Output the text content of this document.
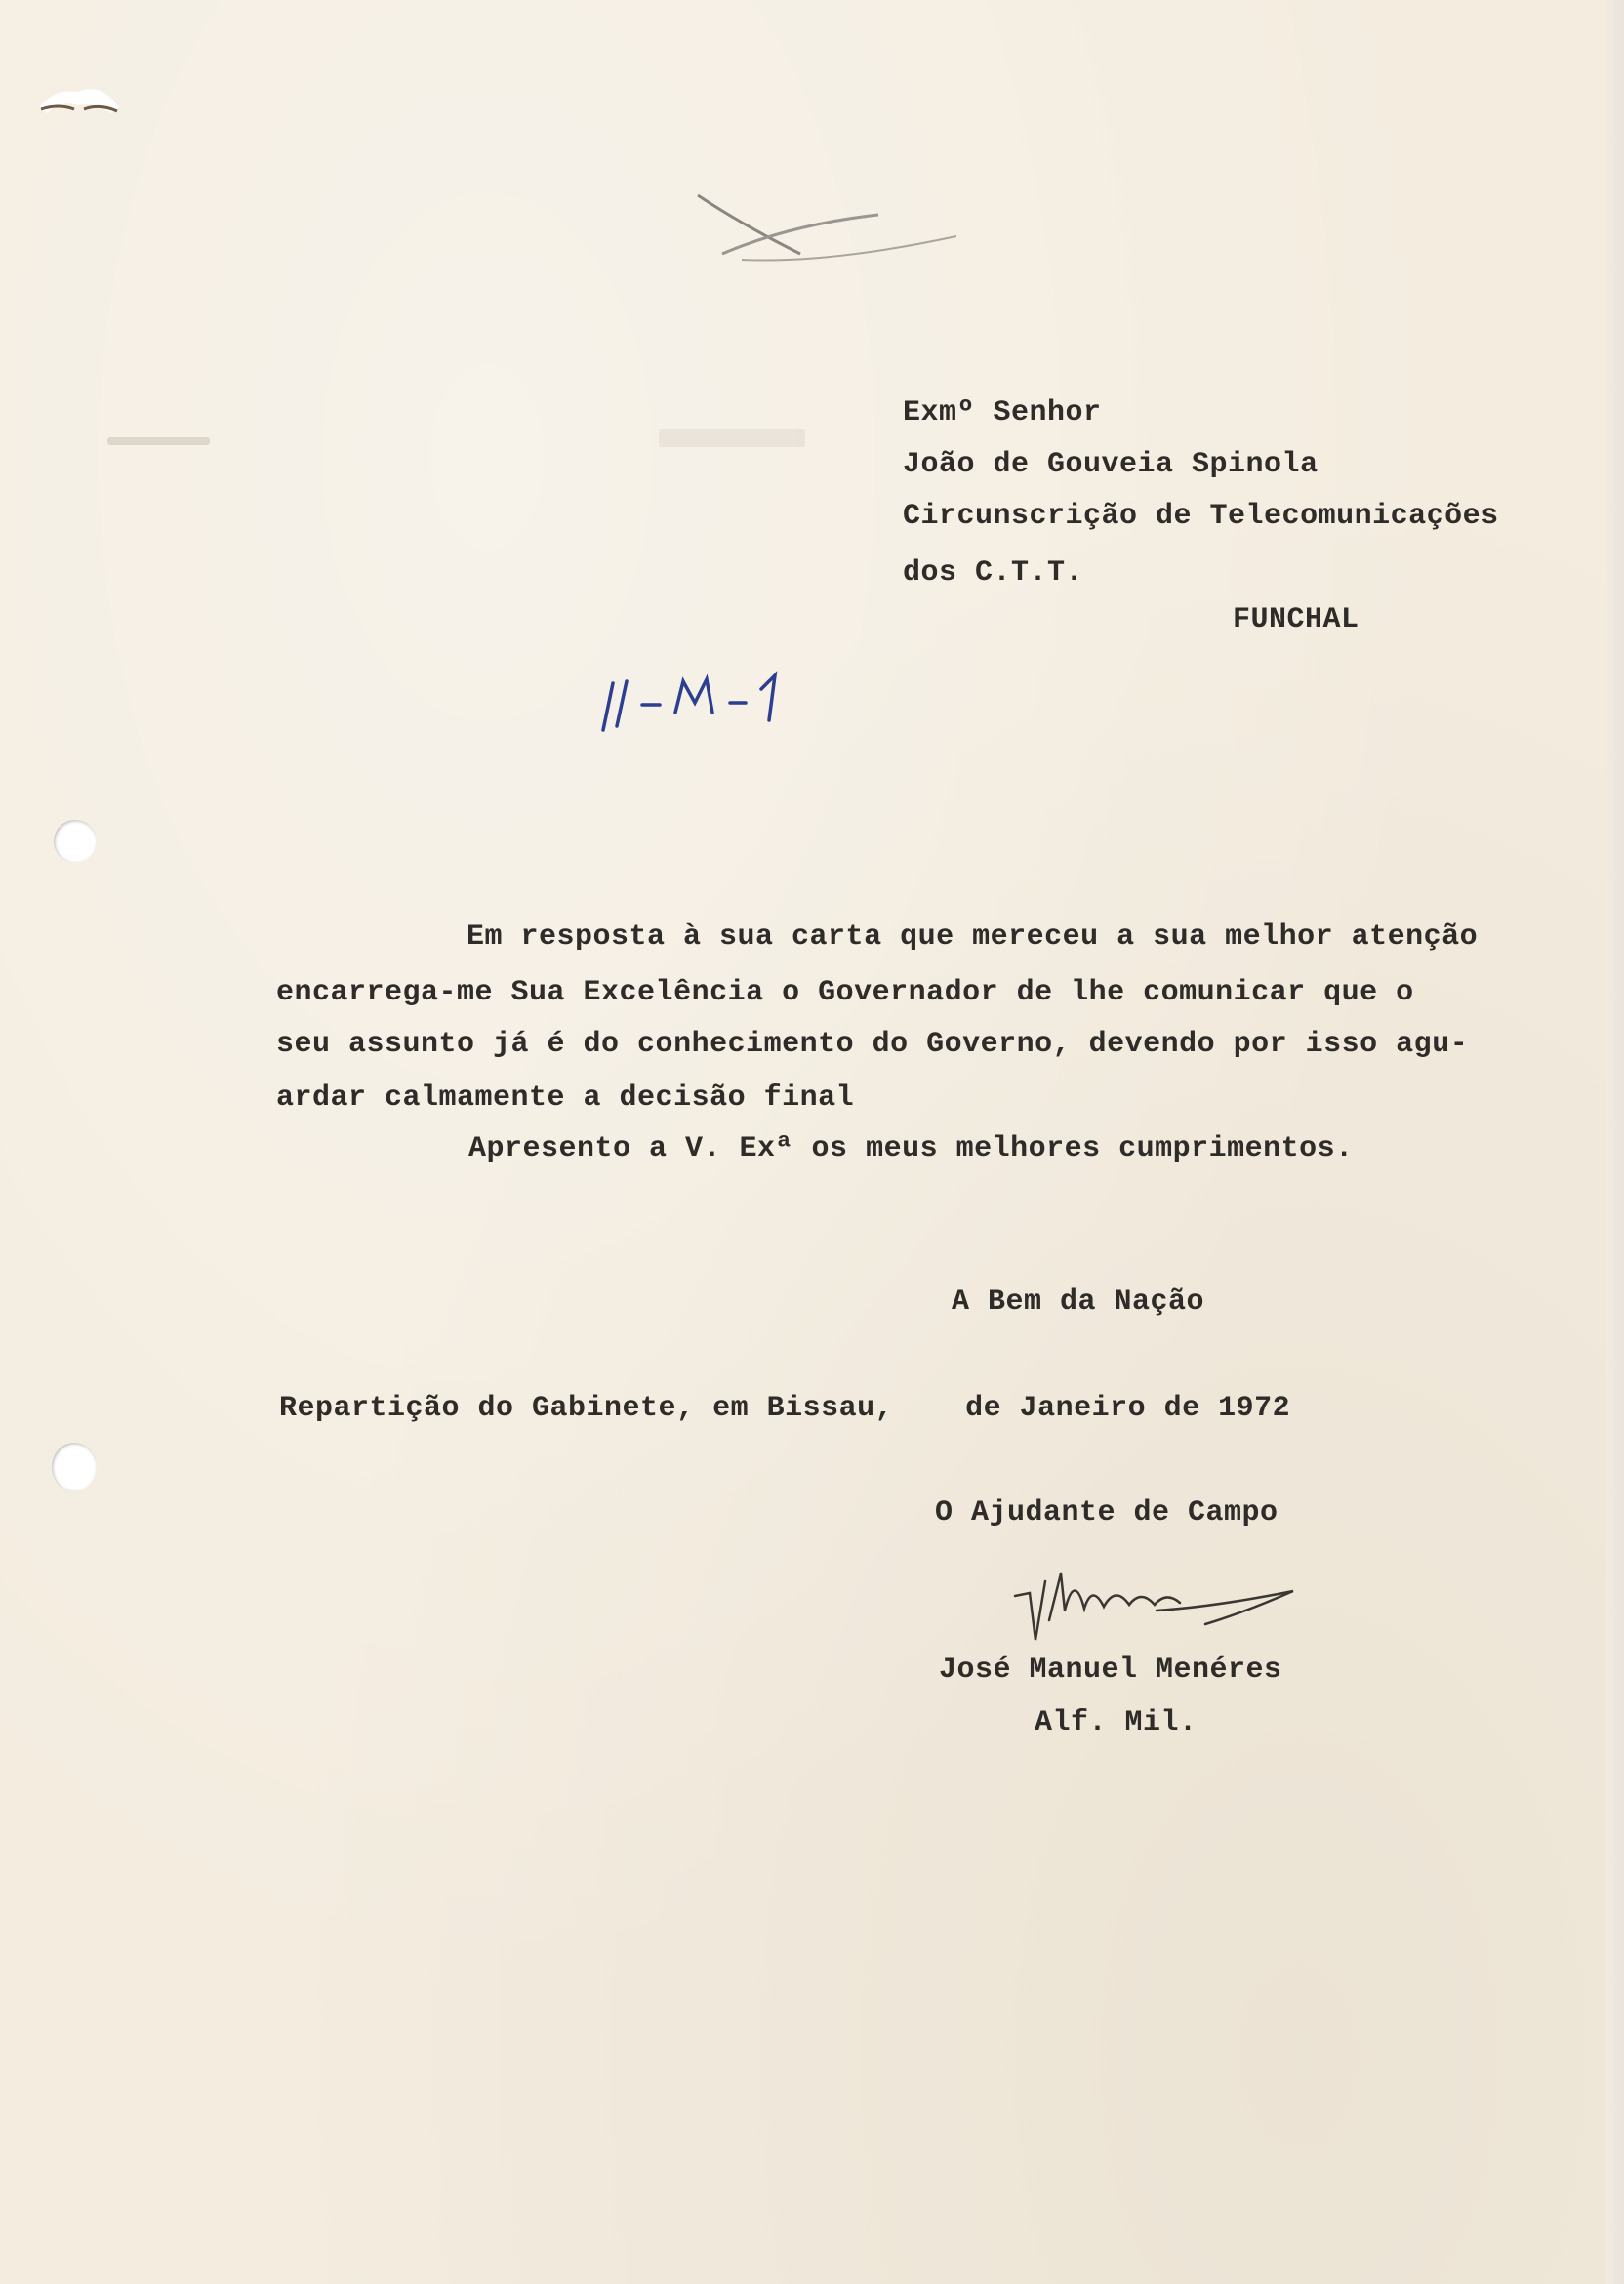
Exmº Senhor
João de Gouveia Spinola
Circunscrição de Telecomunicações
dos C.T.T.
FUNCHAL
Em resposta à sua carta que mereceu a sua melhor atenção
encarrega-me Sua Excelência o Governador de lhe comunicar que o
seu assunto já é do conhecimento do Governo, devendo por isso agu-
ardar calmamente a decisão final
Apresento a V. Exª os meus melhores cumprimentos.
A Bem da Nação
Repartição do Gabinete, em Bissau,    de Janeiro de 1972
O Ajudante de Campo
José Manuel Menéres
Alf. Mil.
